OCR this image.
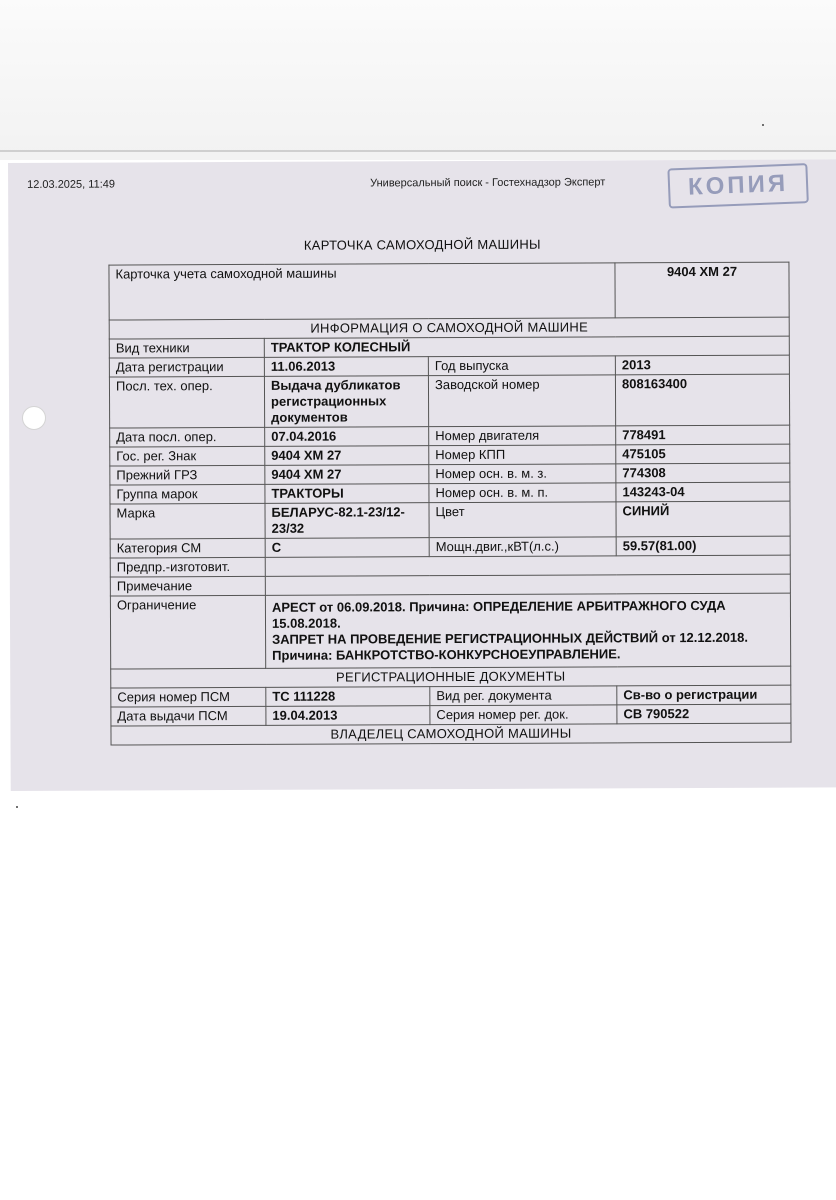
12.03.2025, 11:49	Универсальный поиск - Гостехнадзор Эксперт	КОПИЯ
КАРТОЧКА САМОХОДНОЙ МАШИНЫ
Карточка учета самоходной машины			9404 ХМ 27
ИНФОРМАЦИЯ О САМОХОДНОЙ МАШИНЕ			
Вид техники	ТРАКТОР КОЛЕСНЫЙ		
Дата регистрации	11.06.2013	Год выпуска	2013
Посл. тех. опер.	Выдача дубликатов регистрационных документов	Заводской номер	808163400
Дата посл. опер.	07.04.2016	Номер двигателя	778491
Гос. рег. Знак	9404 ХМ 27	Номер КПП	475105
Прежний ГРЗ	9404 ХМ 27	Номер осн. в. м. з.	774308
Группа марок	ТРАКТОРЫ	Номер осн. в. м. п.	143243-04
Марка	БЕЛАРУС-82.1-23/12-23/32	Цвет	СИНИЙ
Категория СМ	С	Мощн.двиг.,кВТ(л.с.)	59.57(81.00)
Предпр.-изготовит.			
Примечание			
Ограничение	АРЕСТ от 06.09.2018. Причина: ОПРЕДЕЛЕНИЕ АРБИТРАЖНОГО СУДА 15.08.2018.
ЗАПРЕТ НА ПРОВЕДЕНИЕ РЕГИСТРАЦИОННЫХ ДЕЙСТВИЙ от 12.12.2018. Причина: БАНКРОТСТВО-КОНКУРСНОЕУПРАВЛЕНИЕ.		

РЕГИСТРАЦИОННЫЕ ДОКУМЕНТЫ			
Серия номер ПСМ	ТС 111228	Вид рег. документа	Св-во о регистрации
Дата выдачи ПСМ	19.04.2013	Серия номер рег. док.	СВ 790522
ВЛАДЕЛЕЦ САМОХОДНОЙ МАШИНЫ			
